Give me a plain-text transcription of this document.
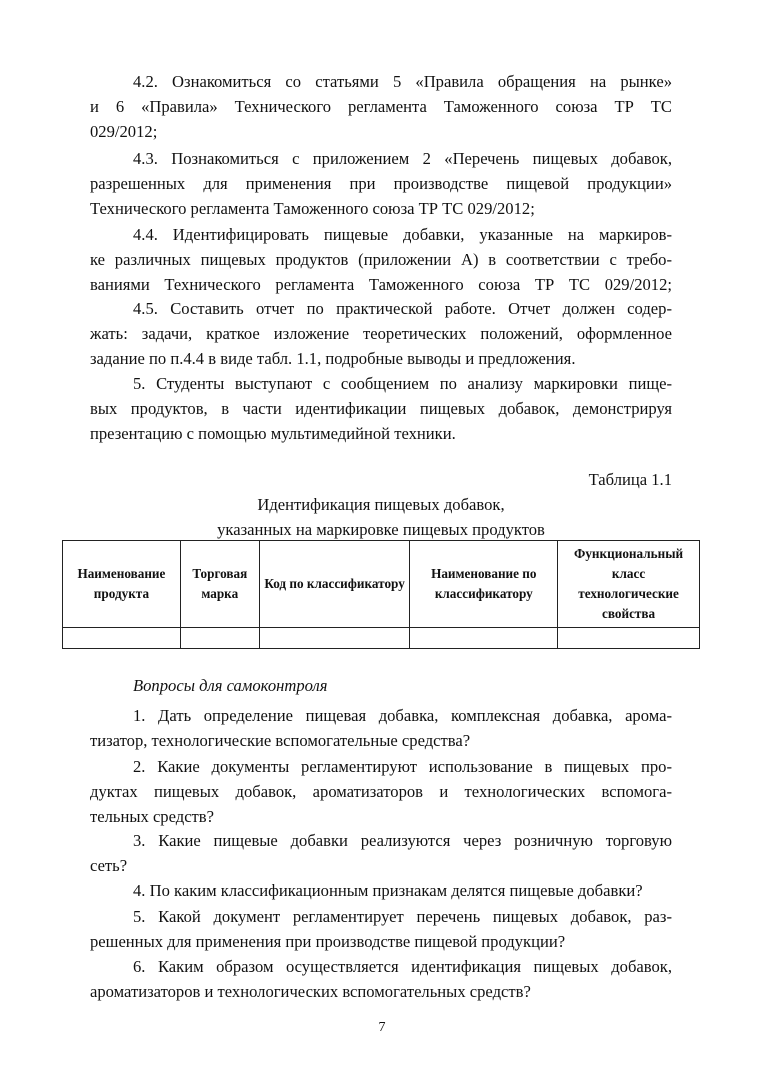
4.2. Ознакомиться со статьями 5 «Правила обращения на рынке»
и 6 «Правила» Технического регламента Таможенного союза ТР ТС
029/2012;
4.3. Познакомиться с приложением 2 «Перечень пищевых добавок,
разрешенных для применения при производстве пищевой продукции»
Технического регламента Таможенного союза ТР ТС 029/2012;
4.4. Идентифицировать пищевые добавки, указанные на маркиров-
ке различных пищевых продуктов (приложении А) в соответствии с требо-
ваниями Технического регламента Таможенного союза ТР ТС 029/2012;
4.5. Составить отчет по практической работе. Отчет должен содер-
жать: задачи, краткое изложение теоретических положений, оформленное
задание по п.4.4 в виде табл. 1.1, подробные выводы и предложения.
5. Студенты выступают с сообщением по анализу маркировки пище-
вых продуктов, в части идентификации пищевых добавок, демонстрируя
презентацию с помощью мультимедийной техники.

Таблица 1.1

Идентификация пищевых добавок,

указанных на маркировке пищевых продуктов

Наименование продукта	Торговая марка	Код по классификатору	Наименование по классификатору	Функциональный класс технологические свойства

Вопросы для самоконтроля

1. Дать определение пищевая добавка, комплексная добавка, арома-
тизатор, технологические вспомогательные средства?
2. Какие документы регламентируют использование в пищевых про-
дуктах пищевых добавок, ароматизаторов и технологических вспомога-
тельных средств?
3. Какие пищевые добавки реализуются через розничную торговую
сеть?
4. По каким классификационным признакам делятся пищевые добавки?
5. Какой документ регламентирует перечень пищевых добавок, раз-
решенных для применения при производстве пищевой продукции?
6. Каким образом осуществляется идентификация пищевых добавок,
ароматизаторов и технологических вспомогательных средств?

7
